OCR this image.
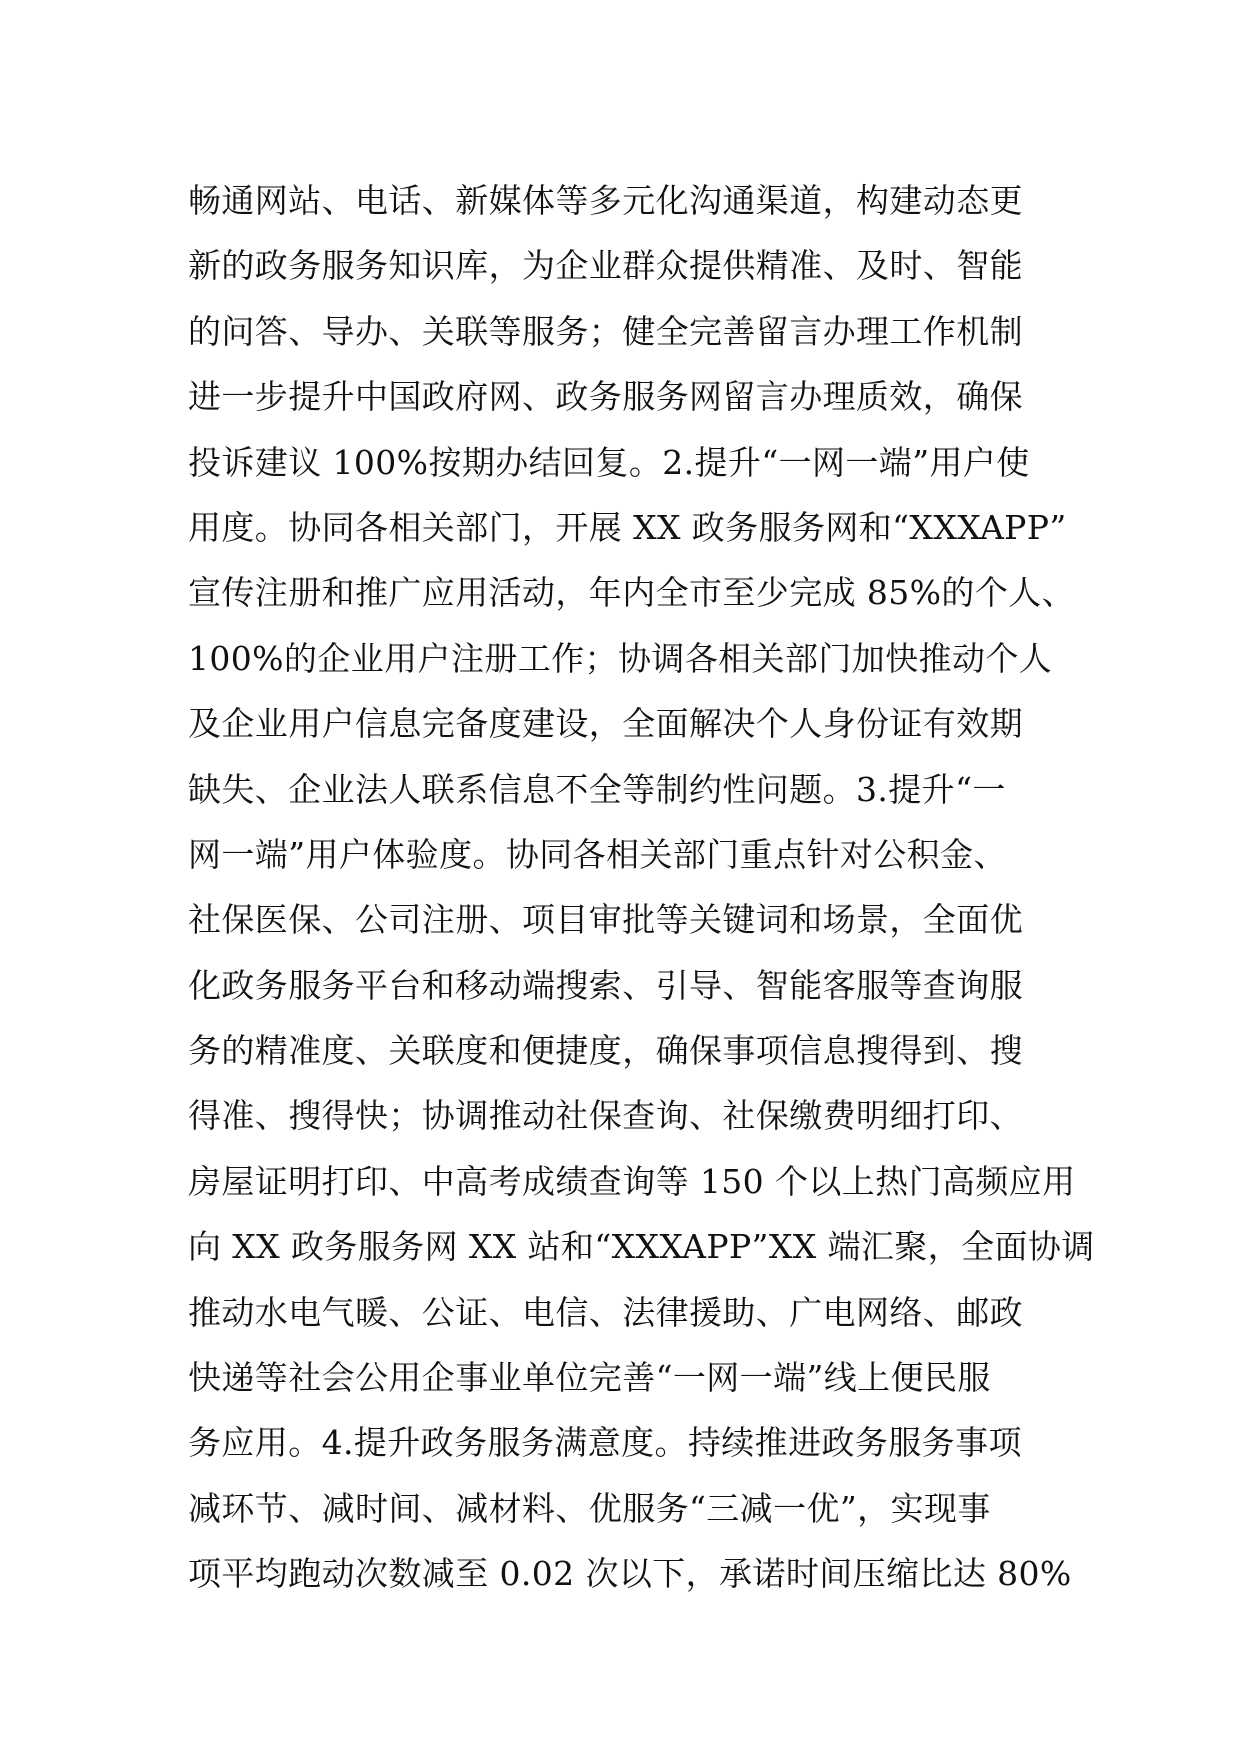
畅通网站、电话、新媒体等多元化沟通渠道，构建动态更
新的政务服务知识库，为企业群众提供精准、及时、智能
的问答、导办、关联等服务；健全完善留言办理工作机制
进一步提升中国政府网、政务服务网留言办理质效，确保
投诉建议 100%按期办结回复。2.提升“一网一端”用户使
用度。协同各相关部门，开展 XX 政务服务网和“XXXAPP”
宣传注册和推广应用活动，年内全市至少完成 85%的个人、
100%的企业用户注册工作；协调各相关部门加快推动个人
及企业用户信息完备度建设，全面解决个人身份证有效期
缺失、企业法人联系信息不全等制约性问题。3.提升“一
网一端”用户体验度。协同各相关部门重点针对公积金、
社保医保、公司注册、项目审批等关键词和场景，全面优
化政务服务平台和移动端搜索、引导、智能客服等查询服
务的精准度、关联度和便捷度，确保事项信息搜得到、搜
得准、搜得快；协调推动社保查询、社保缴费明细打印、
房屋证明打印、中高考成绩查询等 150 个以上热门高频应用
向 XX 政务服务网 XX 站和“XXXAPP”XX 端汇聚，全面协调
推动水电气暖、公证、电信、法律援助、广电网络、邮政
快递等社会公用企事业单位完善“一网一端”线上便民服
务应用。4.提升政务服务满意度。持续推进政务服务事项
减环节、减时间、减材料、优服务“三减一优”，实现事
项平均跑动次数减至 0.02 次以下，承诺时间压缩比达 80%
